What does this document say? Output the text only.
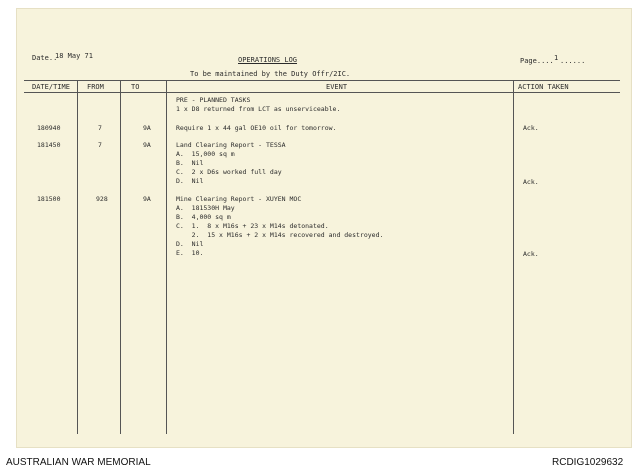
Date..
18 May 71	OPERATIONS LOG
To be maintained by the Duty Offr/2IC.
Page.... 1 ......
DATE/TIME FROM	TO	EVENT	ACTION TAKEN
PRE - PLANNED TASKS
1 x D8 returned from LCT as unserviceable.
180940	7	9A	Require 1 x 44 gal OE10 oil for tomorrow.	Ack.
181450	7	9A	Land Clearing Report - TESSA
A.  15,000 sq m
B.  Nil
C.  2 x D6s worked full day
D.  Nil	Ack.
181500	928	9A	Mine Clearing Report - XUYEN MOC
A.  181530H May
B.  4,000 sq m
C.  1.  8 x M16s + 23 x M14s detonated.
2.  15 x M16s + 2 x M14s recovered and destroyed.
D.  Nil
E.  10.	Ack.
AUSTRALIAN WAR MEMORIAL	RCDIG1029632
